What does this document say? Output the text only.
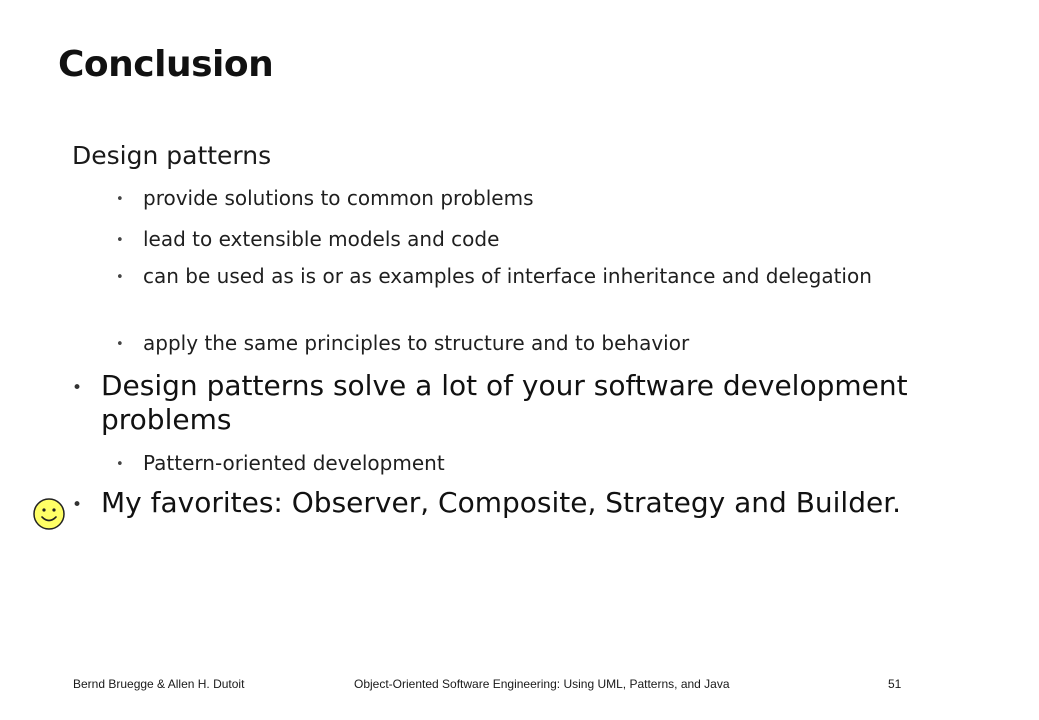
Conclusion
Design patterns
• provide solutions to common problems
• lead to extensible models and code
• can be used as is or as examples of interface inheritance and delegation
• apply the same principles to structure and to behavior
• Design patterns solve a lot of your software development problems
• Pattern-oriented development
• My favorites: Observer, Composite, Strategy and Builder.
Bernd Bruegge & Allen H. Dutoit	Object-Oriented Software Engineering: Using UML, Patterns, and Java	51
